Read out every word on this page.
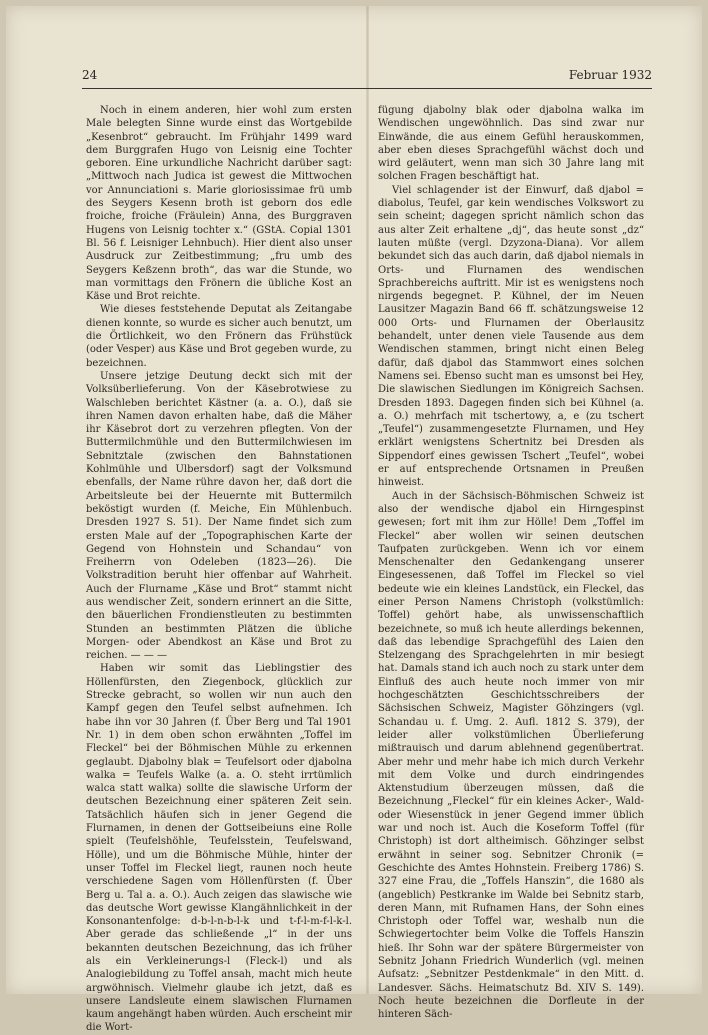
24	Februar 1932

Noch in einem anderen, hier wohl zum ersten Male belegten Sinne wurde einst das Wortgebilde „Kesenbrot“ gebraucht. Im Frühjahr 1499 ward dem Burggrafen Hugo von Leisnig eine Tochter geboren. Eine urkundliche Nachricht darüber sagt: „Mittwoch nach Judica ist gewest die Mittwochen vor Annunciationi s. Marie gloriosissimae frü umb des Seygers Kesenn broth ist geborn dos edle froiche, froiche (Fräulein) Anna, des Burggraven Hugens von Leisnig tochter x.“ (GStA. Copial 1301 Bl. 56 f. Leisniger Lehnbuch). Hier dient also unser Ausdruck zur Zeitbestimmung; „fru umb des Seygers Keßzenn broth“, das war die Stunde, wo man vormittags den Frönern die übliche Kost an Käse und Brot reichte.

Wie dieses feststehende Deputat als Zeitangabe dienen konnte, so wurde es sicher auch benutzt, um die Örtlichkeit, wo den Frönern das Frühstück (oder Vesper) aus Käse und Brot gegeben wurde, zu bezeichnen.

Unsere jetzige Deutung deckt sich mit der Volksüberlieferung. Von der Käsebrotwiese zu Walschleben berichtet Kästner (a. a. O.), daß sie ihren Namen davon erhalten habe, daß die Mäher ihr Käsebrot dort zu verzehren pflegten. Von der Buttermilchmühle und den Buttermilchwiesen im Sebnitztale (zwischen den Bahnstationen Kohlmühle und Ulbersdorf) sagt der Volksmund ebenfalls, der Name rühre davon her, daß dort die Arbeitsleute bei der Heuernte mit Buttermilch beköstigt wurden (f. Meiche, Ein Mühlenbuch. Dresden 1927 S. 51). Der Name findet sich zum ersten Male auf der „Topographischen Karte der Gegend von Hohnstein und Schandau“ von Freiherrn von Odeleben (1823—26). Die Volkstradition beruht hier offenbar auf Wahrheit. Auch der Flurname „Käse und Brot“ stammt nicht aus wendischer Zeit, sondern erinnert an die Sitte, den bäuerlichen Frondienstleuten zu bestimmten Stunden an bestimmten Plätzen die übliche Morgen- oder Abendkost an Käse und Brot zu reichen. — — —

Haben wir somit das Lieblingstier des Höllenfürsten, den Ziegenbock, glücklich zur Strecke gebracht, so wollen wir nun auch den Kampf gegen den Teufel selbst aufnehmen. Ich habe ihn vor 30 Jahren (f. Über Berg und Tal 1901 Nr. 1) in dem oben schon erwähnten „Toffel im Fleckel“ bei der Böhmischen Mühle zu erkennen geglaubt. Djabolny blak = Teufelsort oder djabolna walka = Teufels Walke (a. a. O. steht irrtümlich walca statt walka) sollte die slawische Urform der deutschen Bezeichnung einer späteren Zeit sein. Tatsächlich häufen sich in jener Gegend die Flurnamen, in denen der Gottseibeiuns eine Rolle spielt (Teufelshöhle, Teufelsstein, Teufelswand, Hölle), und um die Böhmische Mühle, hinter der unser Toffel im Fleckel liegt, raunen noch heute verschiedene Sagen vom Höllenfürsten (f. Über Berg u. Tal a. a. O.). Auch zeigen das slawische wie das deutsche Wort gewisse Klangähnlichkeit in der Konsonantenfolge: d-b-l-n-b-l-k und t-f-l-m-f-l-k-l. Aber gerade das schließende „l“ in der uns bekannten deutschen Bezeichnung, das ich früher als ein Verkleinerungs-l (Fleck-l) und als Analogiebildung zu Toffel ansah, macht mich heute argwöhnisch. Vielmehr glaube ich jetzt, daß es unsere Landsleute einem slawischen Flurnamen kaum angehängt haben würden. Auch erscheint mir die Wort-

fügung djabolny blak oder djabolna walka im Wendischen ungewöhnlich. Das sind zwar nur Einwände, die aus einem Gefühl herauskommen, aber eben dieses Sprachgefühl wächst doch und wird geläutert, wenn man sich 30 Jahre lang mit solchen Fragen beschäftigt hat.

Viel schlagender ist der Einwurf, daß djabol = diabolus, Teufel, gar kein wendisches Volkswort zu sein scheint; dagegen spricht nämlich schon das aus alter Zeit erhaltene „dj“, das heute sonst „dz“ lauten müßte (vergl. Dzyzona-Diana). Vor allem bekundet sich das auch darin, daß djabol niemals in Orts- und Flurnamen des wendischen Sprachbereichs auftritt. Mir ist es wenigstens noch nirgends begegnet. P. Kühnel, der im Neuen Lausitzer Magazin Band 66 ff. schätzungsweise 12 000 Orts- und Flurnamen der Oberlausitz behandelt, unter denen viele Tausende aus dem Wendischen stammen, bringt nicht einen Beleg dafür, daß djabol das Stammwort eines solchen Namens sei. Ebenso sucht man es umsonst bei Hey, Die slawischen Siedlungen im Königreich Sachsen. Dresden 1893. Dagegen finden sich bei Kühnel (a. a. O.) mehrfach mit tschertowy, a, e (zu tschert „Teufel“) zusammengesetzte Flurnamen, und Hey erklärt wenigstens Schertnitz bei Dresden als Sippendorf eines gewissen Tschert „Teufel“, wobei er auf entsprechende Ortsnamen in Preußen hinweist.

Auch in der Sächsisch-Böhmischen Schweiz ist also der wendische djabol ein Hirngespinst gewesen; fort mit ihm zur Hölle! Dem „Toffel im Fleckel“ aber wollen wir seinen deutschen Taufpaten zurückgeben. Wenn ich vor einem Menschenalter den Gedankengang unserer Eingesessenen, daß Toffel im Fleckel so viel bedeute wie ein kleines Landstück, ein Fleckel, das einer Person Namens Christoph (volkstümlich: Toffel) gehört habe, als unwissenschaftlich bezeichnete, so muß ich heute allerdings bekennen, daß das lebendige Sprachgefühl des Laien den Stelzengang des Sprachgelehrten in mir besiegt hat. Damals stand ich auch noch zu stark unter dem Einfluß des auch heute noch immer von mir hochgeschätzten Geschichtsschreibers der Sächsischen Schweiz, Magister Göhzingers (vgl. Schandau u. f. Umg. 2. Aufl. 1812 S. 379), der leider aller volkstümlichen Überlieferung mißtrauisch und darum ablehnend gegenübertrat. Aber mehr und mehr habe ich mich durch Verkehr mit dem Volke und durch eindringendes Aktenstudium überzeugen müssen, daß die Bezeichnung „Fleckel“ für ein kleines Acker-, Wald- oder Wiesenstück in jener Gegend immer üblich war und noch ist. Auch die Koseform Toffel (für Christoph) ist dort altheimisch. Göhzinger selbst erwähnt in seiner sog. Sebnitzer Chronik (= Geschichte des Amtes Hohnstein. Freiberg 1786) S. 327 eine Frau, die „Toffels Hanszin“, die 1680 als (angeblich) Pestkranke im Walde bei Sebnitz starb, deren Mann, mit Rufnamen Hans, der Sohn eines Christoph oder Toffel war, weshalb nun die Schwiegertochter beim Volke die Toffels Hanszin hieß. Ihr Sohn war der spätere Bürgermeister von Sebnitz Johann Friedrich Wunderlich (vgl. meinen Aufsatz: „Sebnitzer Pestdenkmale“ in den Mitt. d. Landesver. Sächs. Heimatschutz Bd. XIV S. 149). Noch heute bezeichnen die Dorfleute in der hinteren Säch-
